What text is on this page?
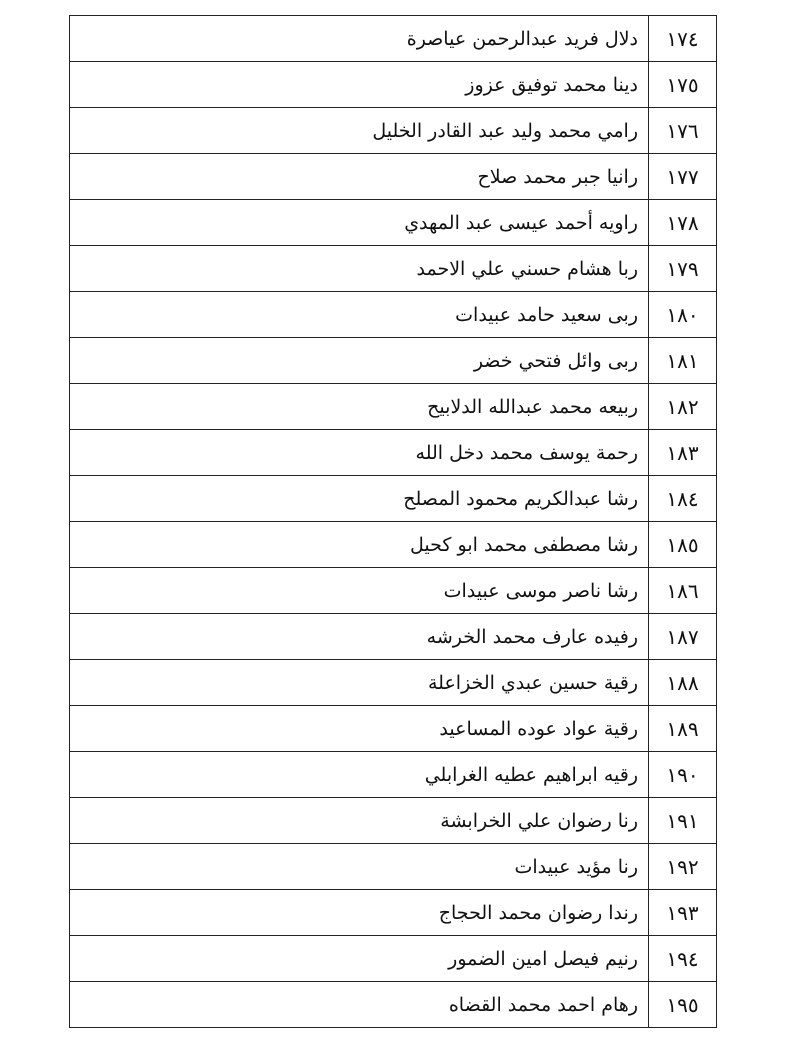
١٧٤	دلال فريد عبدالرحمن عياصرة
١٧٥	دينا محمد توفيق عزوز
١٧٦	رامي محمد وليد عبد القادر الخليل
١٧٧	رانيا جبر محمد صلاح
١٧٨	راويه أحمد عيسى عبد المهدي
١٧٩	ربا هشام حسني علي الاحمد
١٨٠	ربى سعيد حامد عبيدات
١٨١	ربى وائل فتحي خضر
١٨٢	ربيعه محمد عبدالله الدلابيح
١٨٣	رحمة يوسف محمد دخل الله
١٨٤	رشا عبدالكريم محمود المصلح
١٨٥	رشا مصطفى محمد ابو كحيل
١٨٦	رشا ناصر موسى عبيدات
١٨٧	رفيده عارف محمد الخرشه
١٨٨	رقية حسين عبدي الخزاعلة
١٨٩	رقية عواد عوده المساعيد
١٩٠	رقيه ابراهيم عطيه الغرابلي
١٩١	رنا رضوان علي الخرابشة
١٩٢	رنا مؤيد عبيدات
١٩٣	رندا رضوان محمد الحجاج
١٩٤	رنيم فيصل امين الضمور
١٩٥	رهام احمد محمد القضاه
